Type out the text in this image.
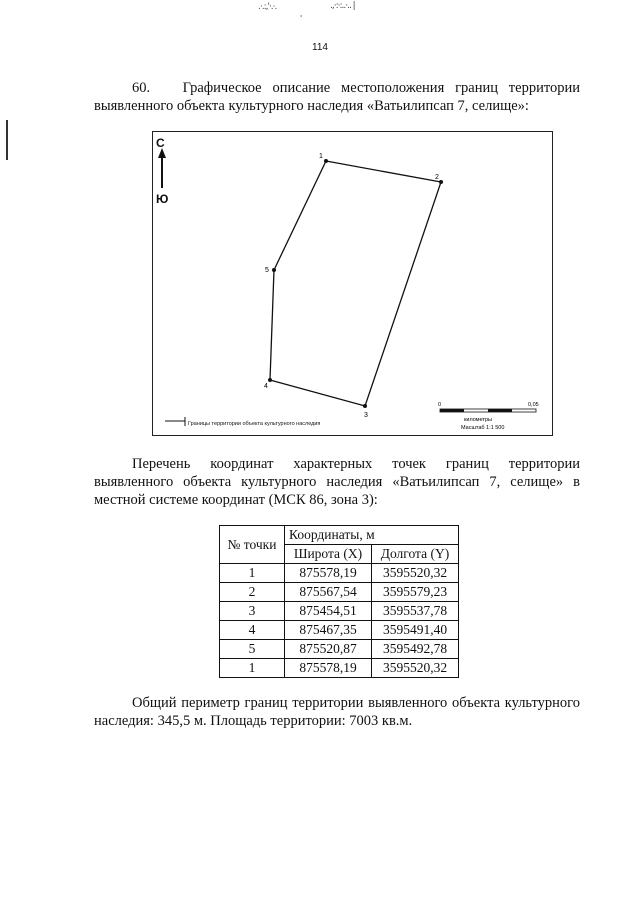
.·.:,'·.·.	.,·:·:..·.. |
'
114
60. Графическое описание местоположения границ территории выявленного объекта культурного наследия «Ватьилипсап 7, селище»:
С
Ю
1
2
3
4
5
Границы территории объекта культурного наследия
0	0,05
километры
Масштаб 1:1 500
Перечень координат характерных точек границ территории выявленного объекта культурного наследия «Ватьилипсап 7, селище» в местной системе координат (МСК 86, зона 3):
№ точки	Координаты, м	
	Широта (X)	Долгота (Y)
1	875578,19	3595520,32
2	875567,54	3595579,23
3	875454,51	3595537,78
4	875467,35	3595491,40
5	875520,87	3595492,78
1	875578,19	3595520,32
Общий периметр границ территории выявленного объекта культурного наследия: 345,5 м. Площадь территории: 7003 кв.м.
